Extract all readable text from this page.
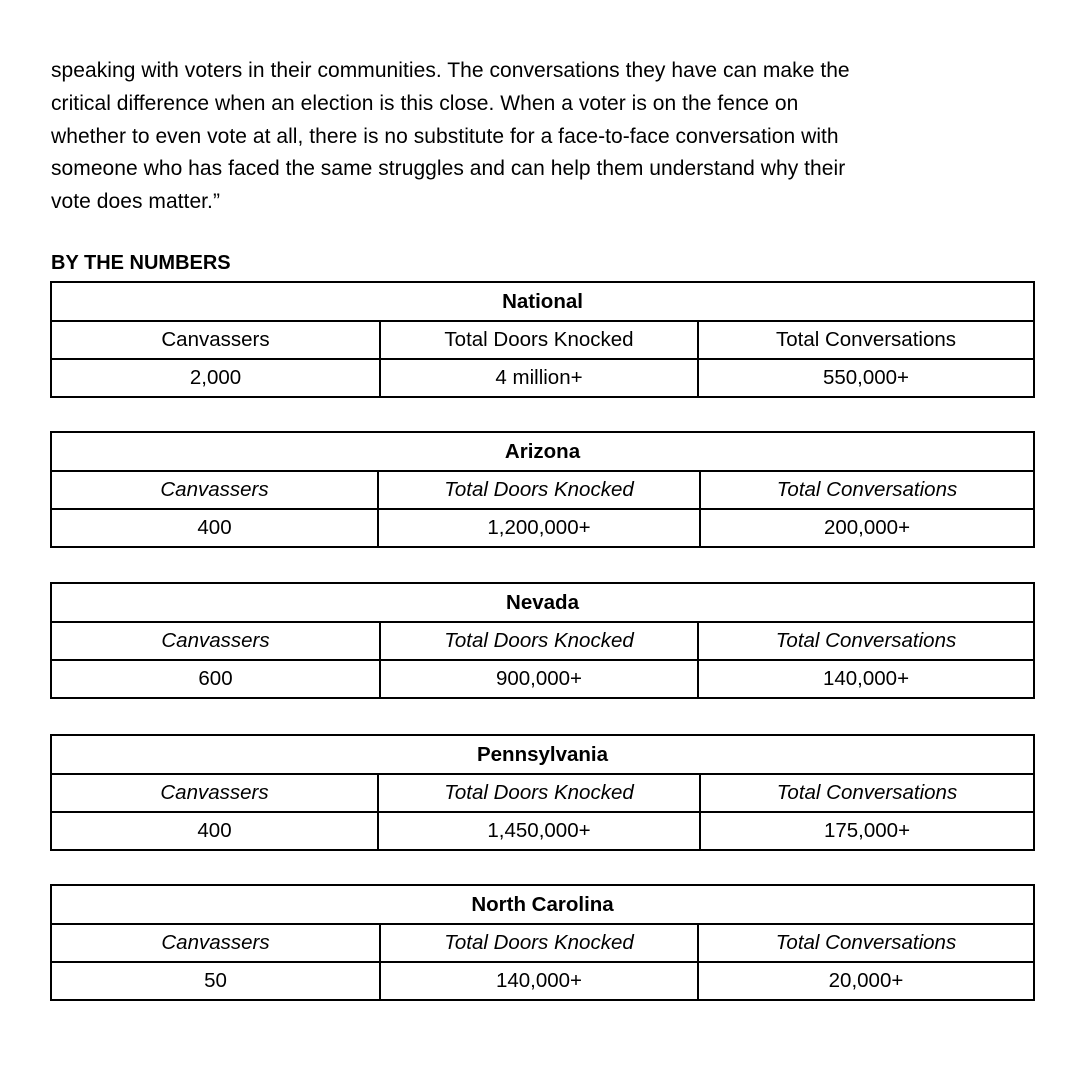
speaking with voters in their communities. The conversations they have can make the
critical difference when an election is this close. When a voter is on the fence on
whether to even vote at all, there is no substitute for a face-to-face conversation with
someone who has faced the same struggles and can help them understand why their
vote does matter.”

BY THE NUMBERS
National		
Canvassers	Total Doors Knocked	Total Conversations
2,000	4 million+	550,000+
Arizona		
Canvassers	Total Doors Knocked	Total Conversations
400	1,200,000+	200,000+
Nevada		
Canvassers	Total Doors Knocked	Total Conversations
600	900,000+	140,000+
Pennsylvania		
Canvassers	Total Doors Knocked	Total Conversations
400	1,450,000+	175,000+
North Carolina		
Canvassers	Total Doors Knocked	Total Conversations
50	140,000+	20,000+
